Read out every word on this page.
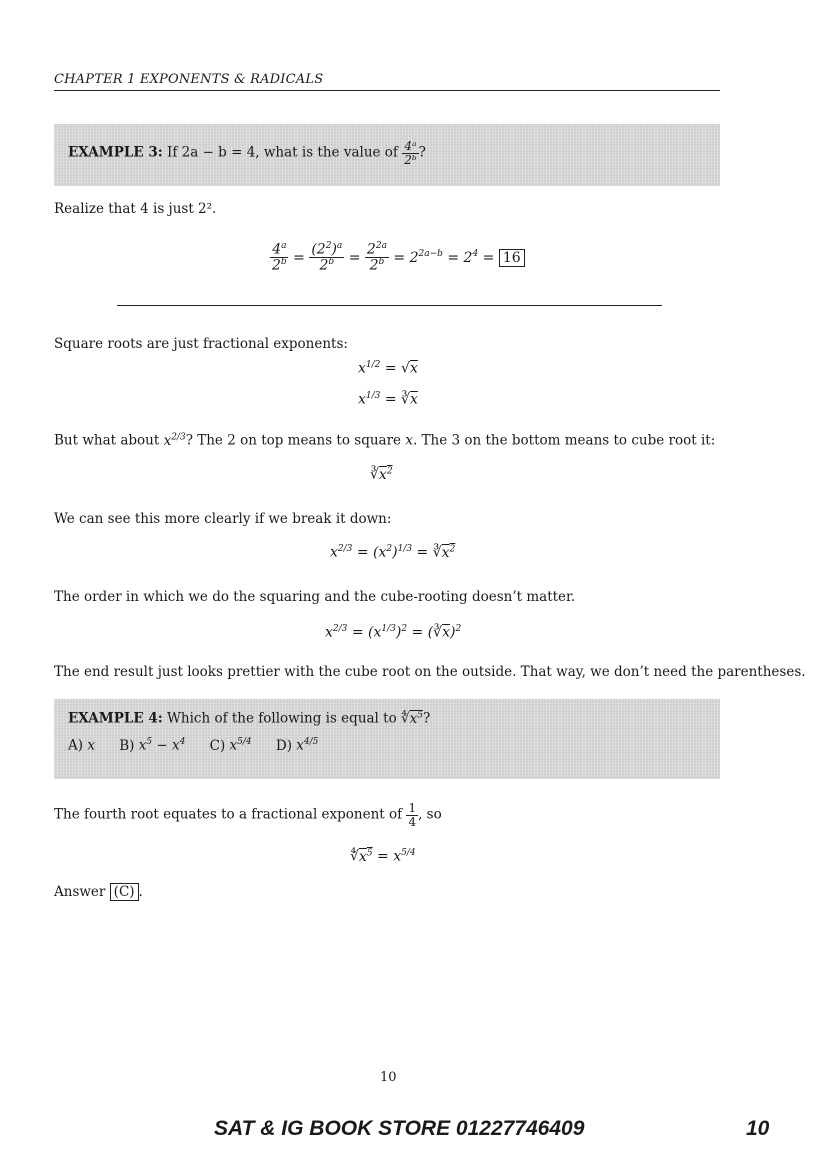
CHAPTER 1 EXPONENTS & RADICALS
EXAMPLE 3: If 2a − b = 4, what is the value of $\frac{\text{4ᵃ}}{\text{2ᵇ}}$ ?
Realize that 4 is just 2².
$\frac{4^a}{2^b} = \frac{(2^2)^a}{2^b} = \frac{2^{2a}}{2^b} = 2^{2a-b} = 2^4 = 16$
Square roots are just fractional exponents:
$x^{1/2} = √x$
$x^{1/3}$ = $∛\overline{x}$
But what about $x^{2/3}$? The 2 on top means to square x. The 3 on the bottom means to cube root it:
$∛x^2$
We can see this more clearly if we break it down:
$x^{2/3} = (x^2)^{1/3}$ = $∛x^2$
The order in which we do the squaring and the cube-rooting doesn’t matter.
$x^{2/3} = (x^{1/3})^2$ = $(∛\overline{x})^2$
The end result just looks prettier with the cube root on the outside. That way, we don’t need the parentheses.
EXAMPLE 4: Which of the following is equal to $∜x^5$?
A) x B) $x^5 - x^4$ C) $x^{5/4}$ D) $x^{4/5}$
The fourth root equates to a fractional exponent of $\frac{1}{4}$ , so
$∜x^5 = x^{5/4}$
Answer (C) .
10
SAT & IG BOOK STORE 01227746409	10
